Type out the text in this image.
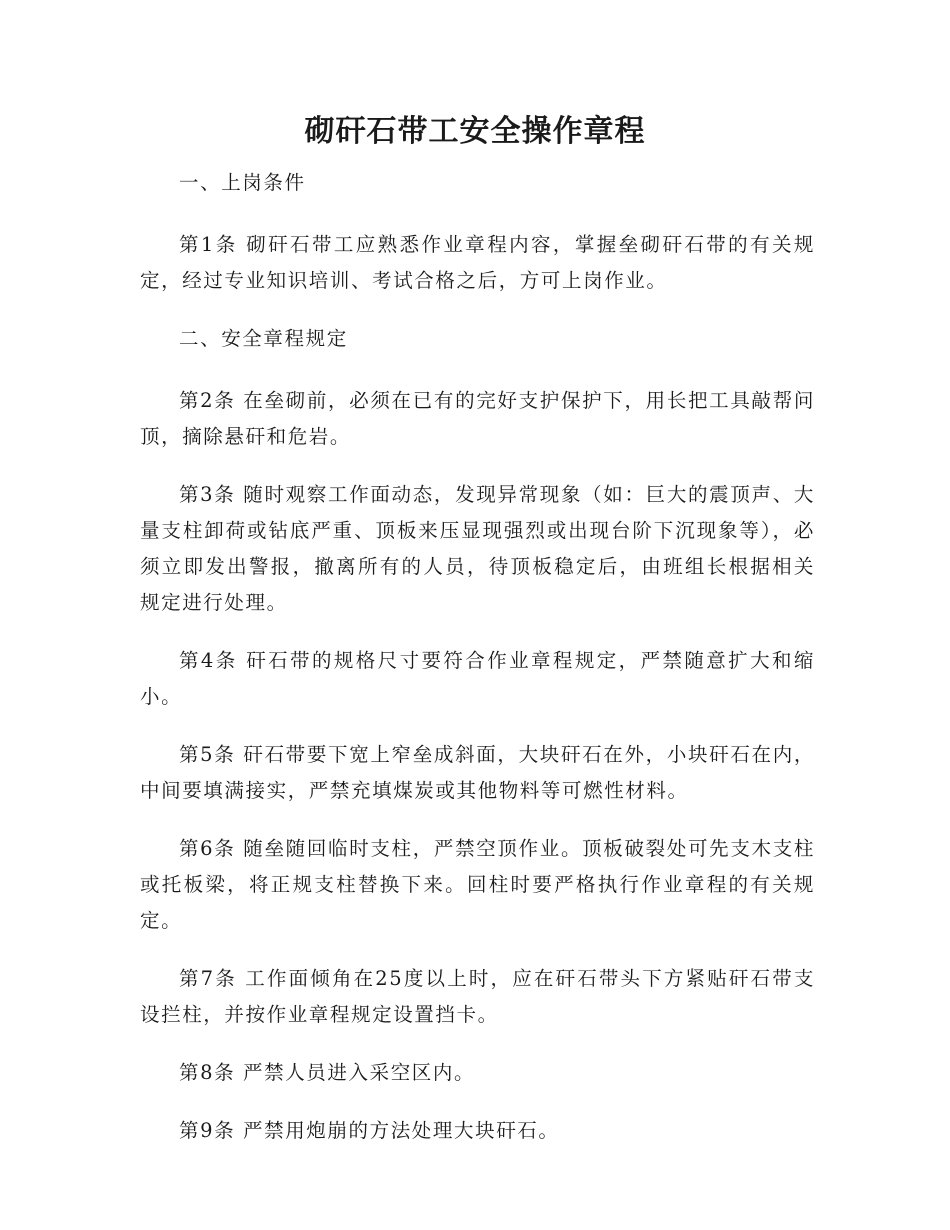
砌矸石带工安全操作章程

一、上岗条件

第1条 砌矸石带工应熟悉作业章程内容，掌握垒砌矸石带的有关规定，经过专业知识培训、考试合格之后，方可上岗作业。

二、安全章程规定

第2条 在垒砌前，必须在已有的完好支护保护下，用长把工具敲帮问顶，摘除悬矸和危岩。

第3条 随时观察工作面动态，发现异常现象（如：巨大的震顶声、大量支柱卸荷或钻底严重、顶板来压显现强烈或出现台阶下沉现象等），必须立即发出警报，撤离所有的人员，待顶板稳定后，由班组长根据相关规定进行处理。

第4条 矸石带的规格尺寸要符合作业章程规定，严禁随意扩大和缩小。

第5条 矸石带要下宽上窄垒成斜面，大块矸石在外，小块矸石在内，中间要填满接实，严禁充填煤炭或其他物料等可燃性材料。

第6条 随垒随回临时支柱，严禁空顶作业。顶板破裂处可先支木支柱或托板梁，将正规支柱替换下来。回柱时要严格执行作业章程的有关规定。

第7条 工作面倾角在25度以上时，应在矸石带头下方紧贴矸石带支设拦柱，并按作业章程规定设置挡卡。

第8条 严禁人员进入采空区内。

第9条 严禁用炮崩的方法处理大块矸石。
